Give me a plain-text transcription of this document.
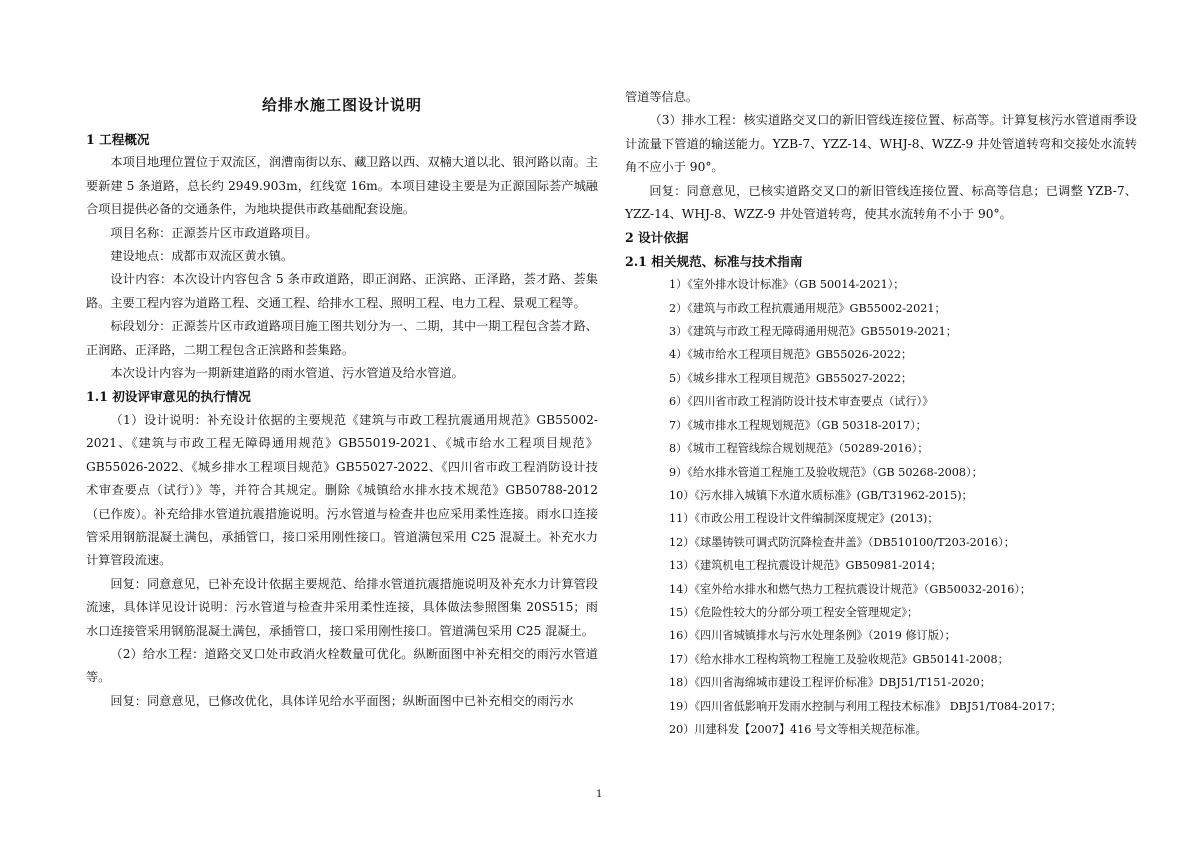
给排水施工图设计说明

1 工程概况

本项目地理位置位于双流区，润漕南街以东、藏卫路以西、双楠大道以北、银河路以南。主要新建 5 条道路，总长约 2949.903m，红线宽 16m。本项目建设主要是为正源国际荟产城融合项目提供必备的交通条件，为地块提供市政基础配套设施。

项目名称：正源荟片区市政道路项目。

建设地点：成都市双流区黄水镇。

设计内容：本次设计内容包含 5 条市政道路，即正润路、正滨路、正泽路，荟才路、荟集路。主要工程内容为道路工程、交通工程、给排水工程、照明工程、电力工程、景观工程等。

标段划分：正源荟片区市政道路项目施工图共划分为一、二期，其中一期工程包含荟才路、正润路、正泽路，二期工程包含正滨路和荟集路。

本次设计内容为一期新建道路的雨水管道、污水管道及给水管道。

1.1 初设评审意见的执行情况

（1）设计说明：补充设计依据的主要规范《建筑与市政工程抗震通用规范》GB55002-2021、《建筑与市政工程无障碍通用规范》GB55019-2021、《城市给水工程项目规范》GB55026-2022、《城乡排水工程项目规范》GB55027-2022、《四川省市政工程消防设计技术审查要点（试行）》等，并符合其规定。删除《城镇给水排水技术规范》GB50788-2012（已作废）。补充给排水管道抗震措施说明。污水管道与检查井也应采用柔性连接。雨水口连接管采用钢筋混凝土满包，承插管口，接口采用刚性接口。管道满包采用 C25 混凝土。补充水力计算管段流速。

回复：同意意见，已补充设计依据主要规范、给排水管道抗震措施说明及补充水力计算管段流速，具体详见设计说明：污水管道与检查井采用柔性连接，具体做法参照图集 20S515；雨水口连接管采用钢筋混凝土满包，承插管口，接口采用刚性接口。管道满包采用 C25 混凝土。

（2）给水工程：道路交叉口处市政消火栓数量可优化。纵断面图中补充相交的雨污水管道等。

回复：同意意见，已修改优化，具体详见给水平面图；纵断面图中已补充相交的雨污水

管道等信息。

（3）排水工程：核实道路交叉口的新旧管线连接位置、标高等。计算复核污水管道雨季设计流量下管道的输送能力。YZB-7、YZZ-14、WHJ-8、WZZ-9 井处管道转弯和交接处水流转角不应小于 90°。

回复：同意意见，已核实道路交叉口的新旧管线连接位置、标高等信息；已调整 YZB-7、YZZ-14、WHJ-8、WZZ-9 井处管道转弯，使其水流转角不小于 90°。

2 设计依据

2.1 相关规范、标准与技术指南

1）《室外排水设计标准》（GB 50014-2021）；
2）《建筑与市政工程抗震通用规范》GB55002-2021；
3）《建筑与市政工程无障碍通用规范》GB55019-2021；
4）《城市给水工程项目规范》GB55026-2022；
5）《城乡排水工程项目规范》GB55027-2022；
6）《四川省市政工程消防设计技术审查要点（试行）》
7）《城市排水工程规划规范》（GB 50318-2017）；
8）《城市工程管线综合规划规范》（50289-2016）；
9）《给水排水管道工程施工及验收规范》（GB 50268-2008）；
10）《污水排入城镇下水道水质标准》(GB/T31962-2015)；
11）《市政公用工程设计文件编制深度规定》(2013)；
12）《球墨铸铁可调式防沉降检查井盖》（DB510100/T203-2016）；
13）《建筑机电工程抗震设计规范》GB50981-2014；
14）《室外给水排水和燃气热力工程抗震设计规范》（GB50032-2016）；
15）《危险性较大的分部分项工程安全管理规定》；
16）《四川省城镇排水与污水处理条例》（2019 修订版）；
17）《给水排水工程构筑物工程施工及验收规范》GB50141-2008；
18）《四川省海绵城市建设工程评价标准》DBJ51/T151-2020；
19）《四川省低影响开发雨水控制与利用工程技术标准》 DBJ51/T084-2017；
20）川建科发【2007】416 号文等相关规范标准。
1
